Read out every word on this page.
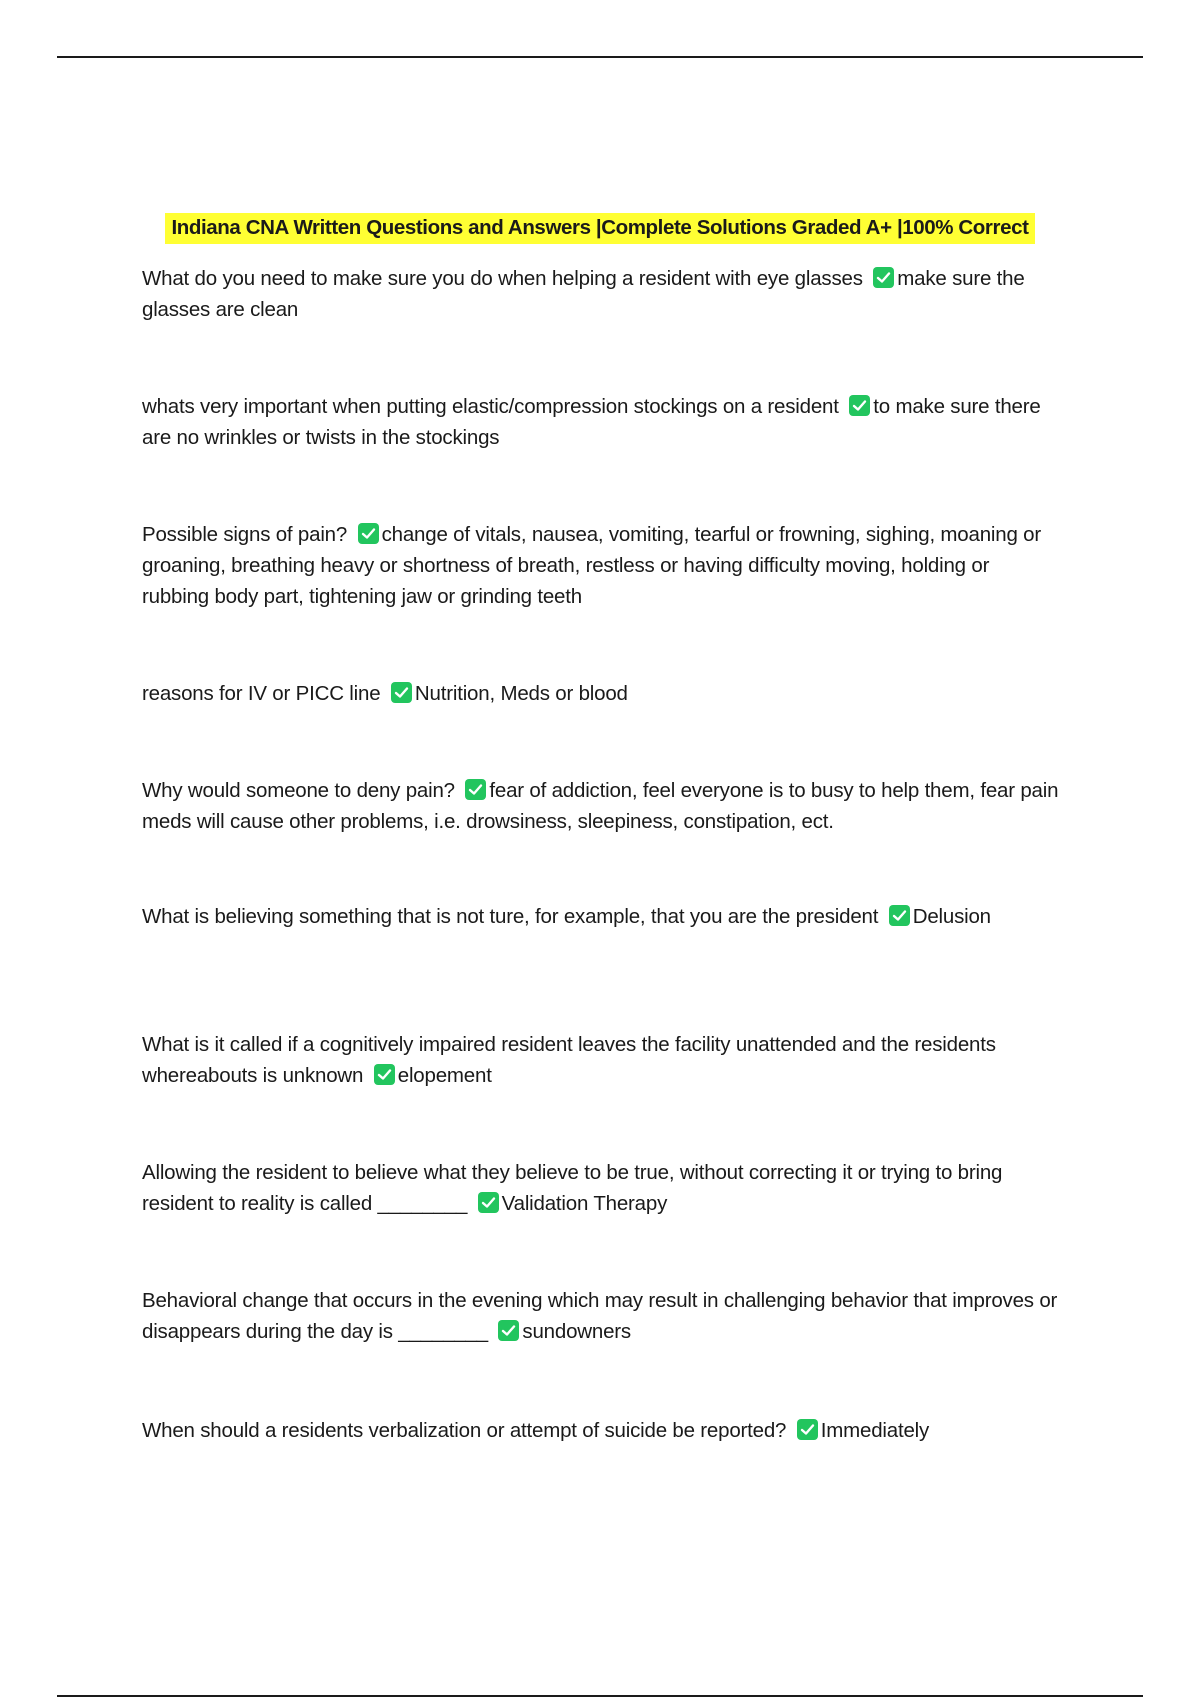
Indiana CNA Written Questions and Answers |Complete Solutions Graded A+ |100% Correct
What do you need to make sure you do when helping a resident with eye glasses make sure the glasses are clean
whats very important when putting elastic/compression stockings on a resident to make sure there are no wrinkles or twists in the stockings
Possible signs of pain? change of vitals, nausea, vomiting, tearful or frowning, sighing, moaning or groaning, breathing heavy or shortness of breath, restless or having difficulty moving, holding or rubbing body part, tightening jaw or grinding teeth
reasons for IV or PICC line Nutrition, Meds or blood
Why would someone to deny pain? fear of addiction, feel everyone is to busy to help them, fear pain meds will cause other problems, i.e. drowsiness, sleepiness, constipation, ect.
What is believing something that is not ture, for example, that you are the president Delusion
What is it called if a cognitively impaired resident leaves the facility unattended and the residents whereabouts is unknown elopement
Allowing the resident to believe what they believe to be true, without correcting it or trying to bring resident to reality is called ________ Validation Therapy
Behavioral change that occurs in the evening which may result in challenging behavior that improves or disappears during the day is ________ sundowners
When should a residents verbalization or attempt of suicide be reported? Immediately
